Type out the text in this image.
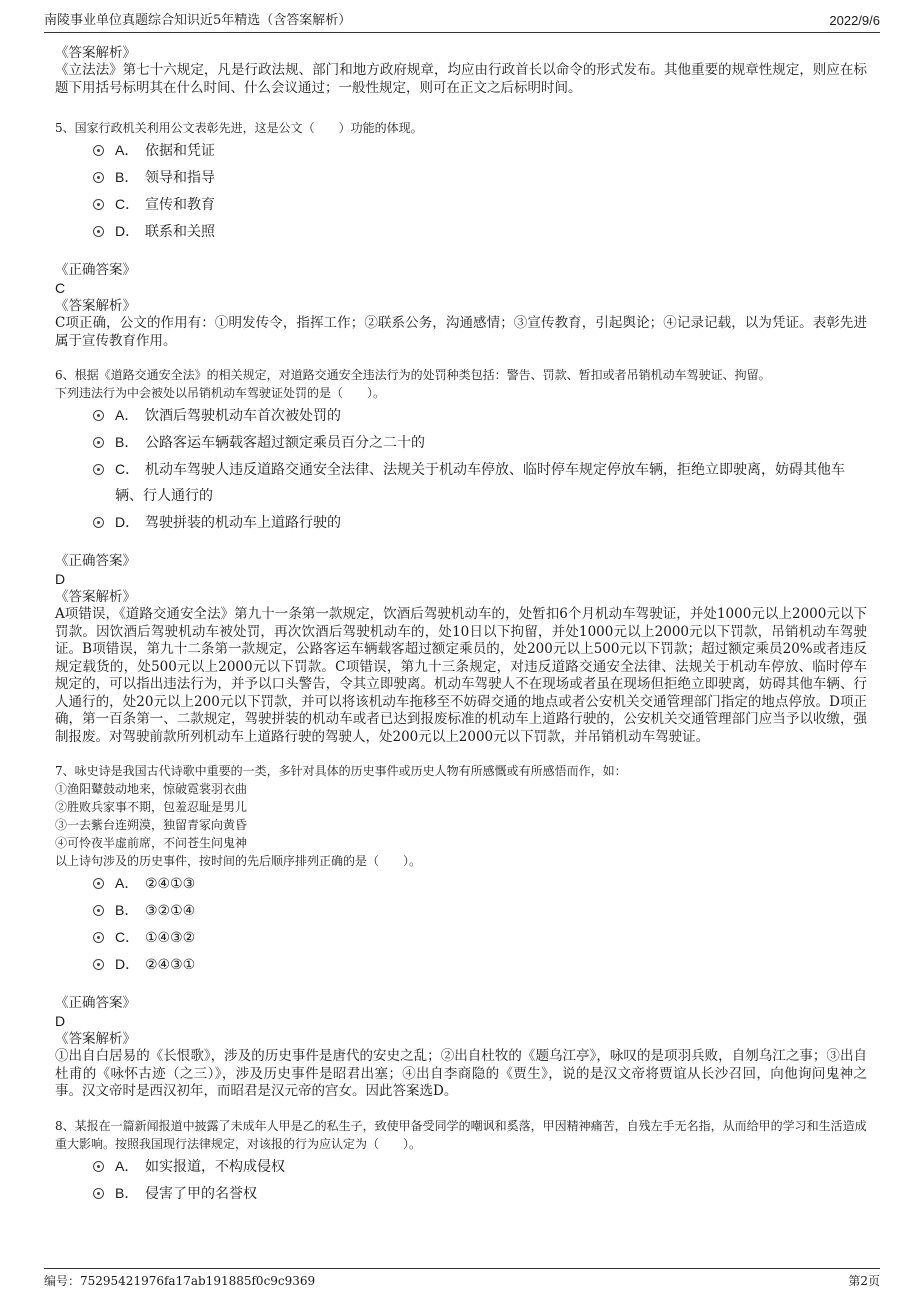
南陵事业单位真题综合知识近5年精选（含答案解析）	2022/9/6
《答案解析》
《立法法》第七十六规定，凡是行政法规、部门和地方政府规章，均应由行政首长以命令的形式发布。其他重要的规章性规定，则应在标题下用括号标明其在什么时间、什么会议通过；一般性规定，则可在正文之后标明时间。
5、国家行政机关利用公文表彰先进，这是公文（　　）功能的体现。
A． 依据和凭证
B． 领导和指导
C． 宣传和教育
D． 联系和关照
《正确答案》
C
《答案解析》
C项正确，公文的作用有：①明发传令，指挥工作；②联系公务，沟通感情；③宣传教育，引起舆论；④记录记载，以为凭证。表彰先进属于宣传教育作用。
6、根据《道路交通安全法》的相关规定，对道路交通安全违法行为的处罚种类包括：警告、罚款、暂扣或者吊销机动车驾驶证、拘留。
下列违法行为中会被处以吊销机动车驾驶证处罚的是（　　）。
A． 饮酒后驾驶机动车首次被处罚的
B． 公路客运车辆载客超过额定乘员百分之二十的
C． 机动车驾驶人违反道路交通安全法律、法规关于机动车停放、临时停车规定停放车辆，拒绝立即驶离，妨碍其他车辆、行人通行的
D． 驾驶拼装的机动车上道路行驶的
《正确答案》
D
《答案解析》
A项错误，《道路交通安全法》第九十一条第一款规定，饮酒后驾驶机动车的，处暂扣6个月机动车驾驶证，并处1000元以上2000元以下罚款。因饮酒后驾驶机动车被处罚，再次饮酒后驾驶机动车的，处10日以下拘留，并处1000元以上2000元以下罚款，吊销机动车驾驶证。B项错误，第九十二条第一款规定，公路客运车辆载客超过额定乘员的，处200元以上500元以下罚款；超过额定乘员20%或者违反规定载货的，处500元以上2000元以下罚款。C项错误，第九十三条规定，对违反道路交通安全法律、法规关于机动车停放、临时停车规定的，可以指出违法行为，并予以口头警告，令其立即驶离。机动车驾驶人不在现场或者虽在现场但拒绝立即驶离，妨碍其他车辆、行人通行的，处20元以上200元以下罚款，并可以将该机动车拖移至不妨碍交通的地点或者公安机关交通管理部门指定的地点停放。D项正确，第一百条第一、二款规定，驾驶拼装的机动车或者已达到报废标准的机动车上道路行驶的，公安机关交通管理部门应当予以收缴，强制报废。对驾驶前款所列机动车上道路行驶的驾驶人，处200元以上2000元以下罚款，并吊销机动车驾驶证。
7、咏史诗是我国古代诗歌中重要的一类，多针对具体的历史事件或历史人物有所感慨或有所感悟而作，如：
①渔阳鼙鼓动地来，惊破霓裳羽衣曲
②胜败兵家事不期，包羞忍耻是男儿
③一去紫台连朔漠，独留青冢向黄昏
④可怜夜半虚前席，不问苍生问鬼神
以上诗句涉及的历史事件，按时间的先后顺序排列正确的是（　　）。
A． ②④①③
B． ③②①④
C． ①④③②
D． ②④③①
《正确答案》
D
《答案解析》
①出自白居易的《长恨歌》，涉及的历史事件是唐代的安史之乱；②出自杜牧的《题乌江亭》，咏叹的是项羽兵败，自刎乌江之事；③出自杜甫的《咏怀古迹（之三）》，涉及历史事件是昭君出塞；④出自李商隐的《贾生》，说的是汉文帝将贾谊从长沙召回，向他询问鬼神之事。汉文帝时是西汉初年，而昭君是汉元帝的宫女。因此答案选D。
8、某报在一篇新闻报道中披露了未成年人甲是乙的私生子，致使甲备受同学的嘲讽和奚落，甲因精神痛苦，自残左手无名指，从而给甲的学习和生活造成重大影响。按照我国现行法律规定，对该报的行为应认定为（　　）。
A． 如实报道，不构成侵权
B． 侵害了甲的名誉权
编号：75295421976fa17ab191885f0c9c9369	第2页
